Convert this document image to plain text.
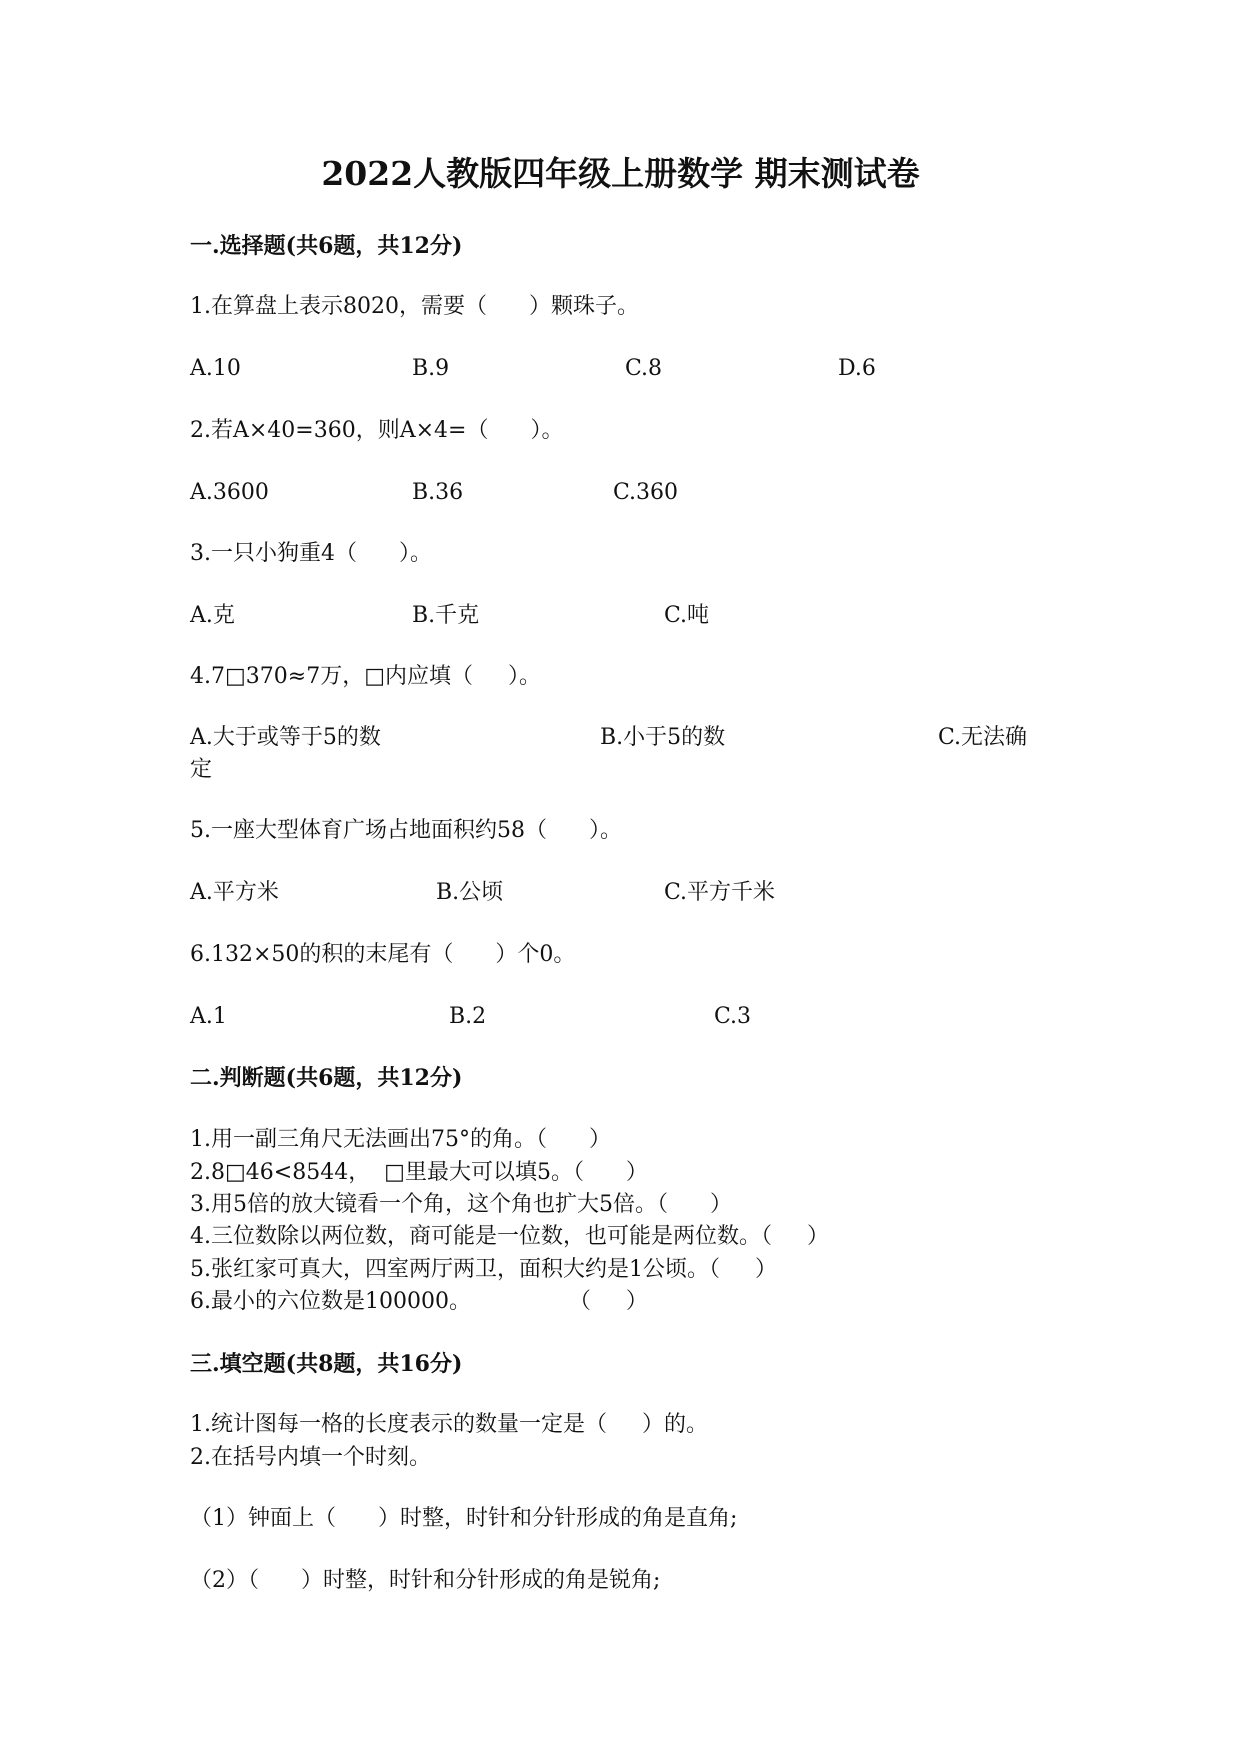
2022人教版四年级上册数学 期末测试卷
一.选择题(共6题，共12分)
1.在算盘上表示8020，需要（      ）颗珠子。
A.10	B.9	C.8	D.6
2.若A×40=360，则A×4=（      ）。
A.3600	B.36	C.360
3.一只小狗重4（      ）。
A.克	B.千克	C.吨
4.7□370≈7万，□内应填（     ）。
A.大于或等于5的数	B.小于5的数	C.无法确
定
5.一座大型体育广场占地面积约58（      ）。
A.平方米	B.公顷	C.平方千米
6.132×50的积的末尾有（      ）个0。
A.1	B.2	C.3
二.判断题(共6题，共12分)
1.用一副三角尺无法画出75°的角。（      ）
2.8□46<8544，  □里最大可以填5。（      ）
3.用5倍的放大镜看一个角，这个角也扩大5倍。（      ）
4.三位数除以两位数，商可能是一位数，也可能是两位数。（     ）
5.张红家可真大，四室两厅两卫，面积大约是1公顷。（     ）
6.最小的六位数是100000。              （     ）
三.填空题(共8题，共16分)
1.统计图每一格的长度表示的数量一定是（     ）的。
2.在括号内填一个时刻。
（1）钟面上（      ）时整，时针和分针形成的角是直角;
（2）（      ）时整，时针和分针形成的角是锐角;
